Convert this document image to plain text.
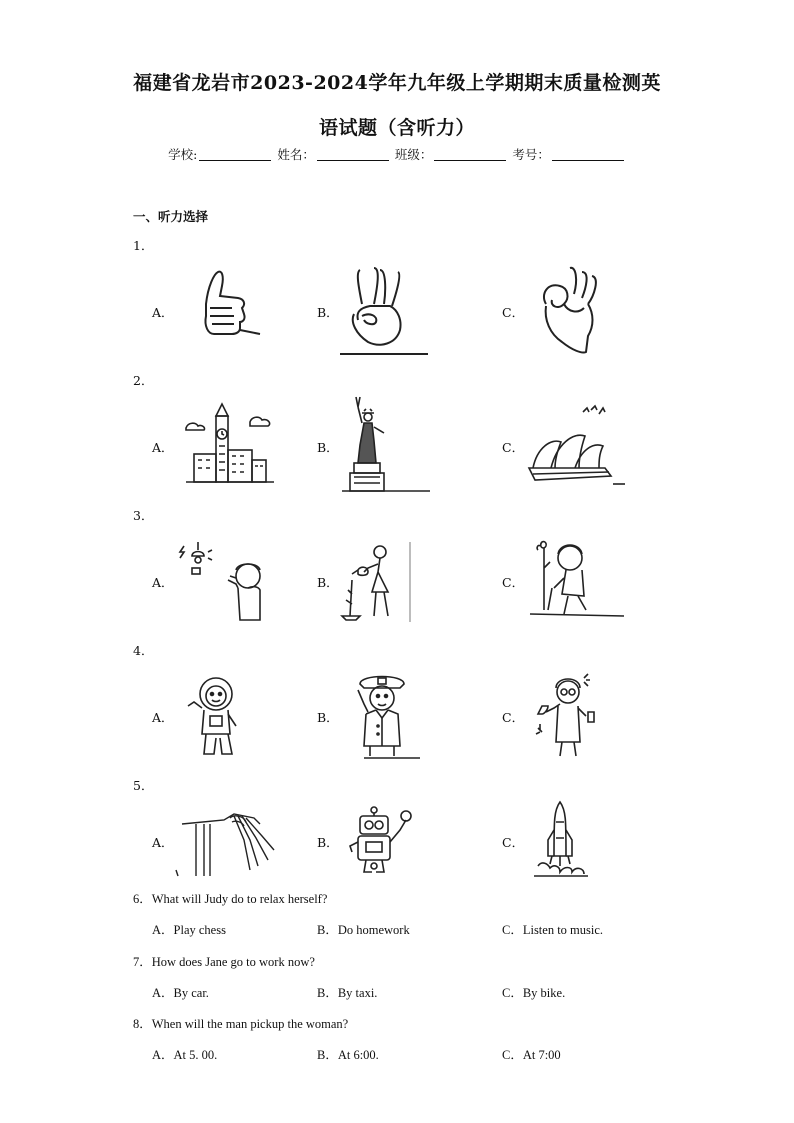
福建省龙岩市2023-2024学年九年级上学期期末质量检测英
语试题（含听力）
学校:	姓名：	班级：	考号：
一、听力选择
1．
A．	B．	C．
2．
A．	B．	C．
3．
A．	B．	C．
4．
A．	B．	C．
5．
A．	B．	C．
6．What will Judy do to relax herself?
A．Play chess	B．Do homework	C．Listen to music.
7．How does Jane go to work now?
A．By car.	B．By taxi.	C．By bike.
8．When will the man pickup the woman?
A．At 5. 00.	B．At 6:00.	C．At 7:00
